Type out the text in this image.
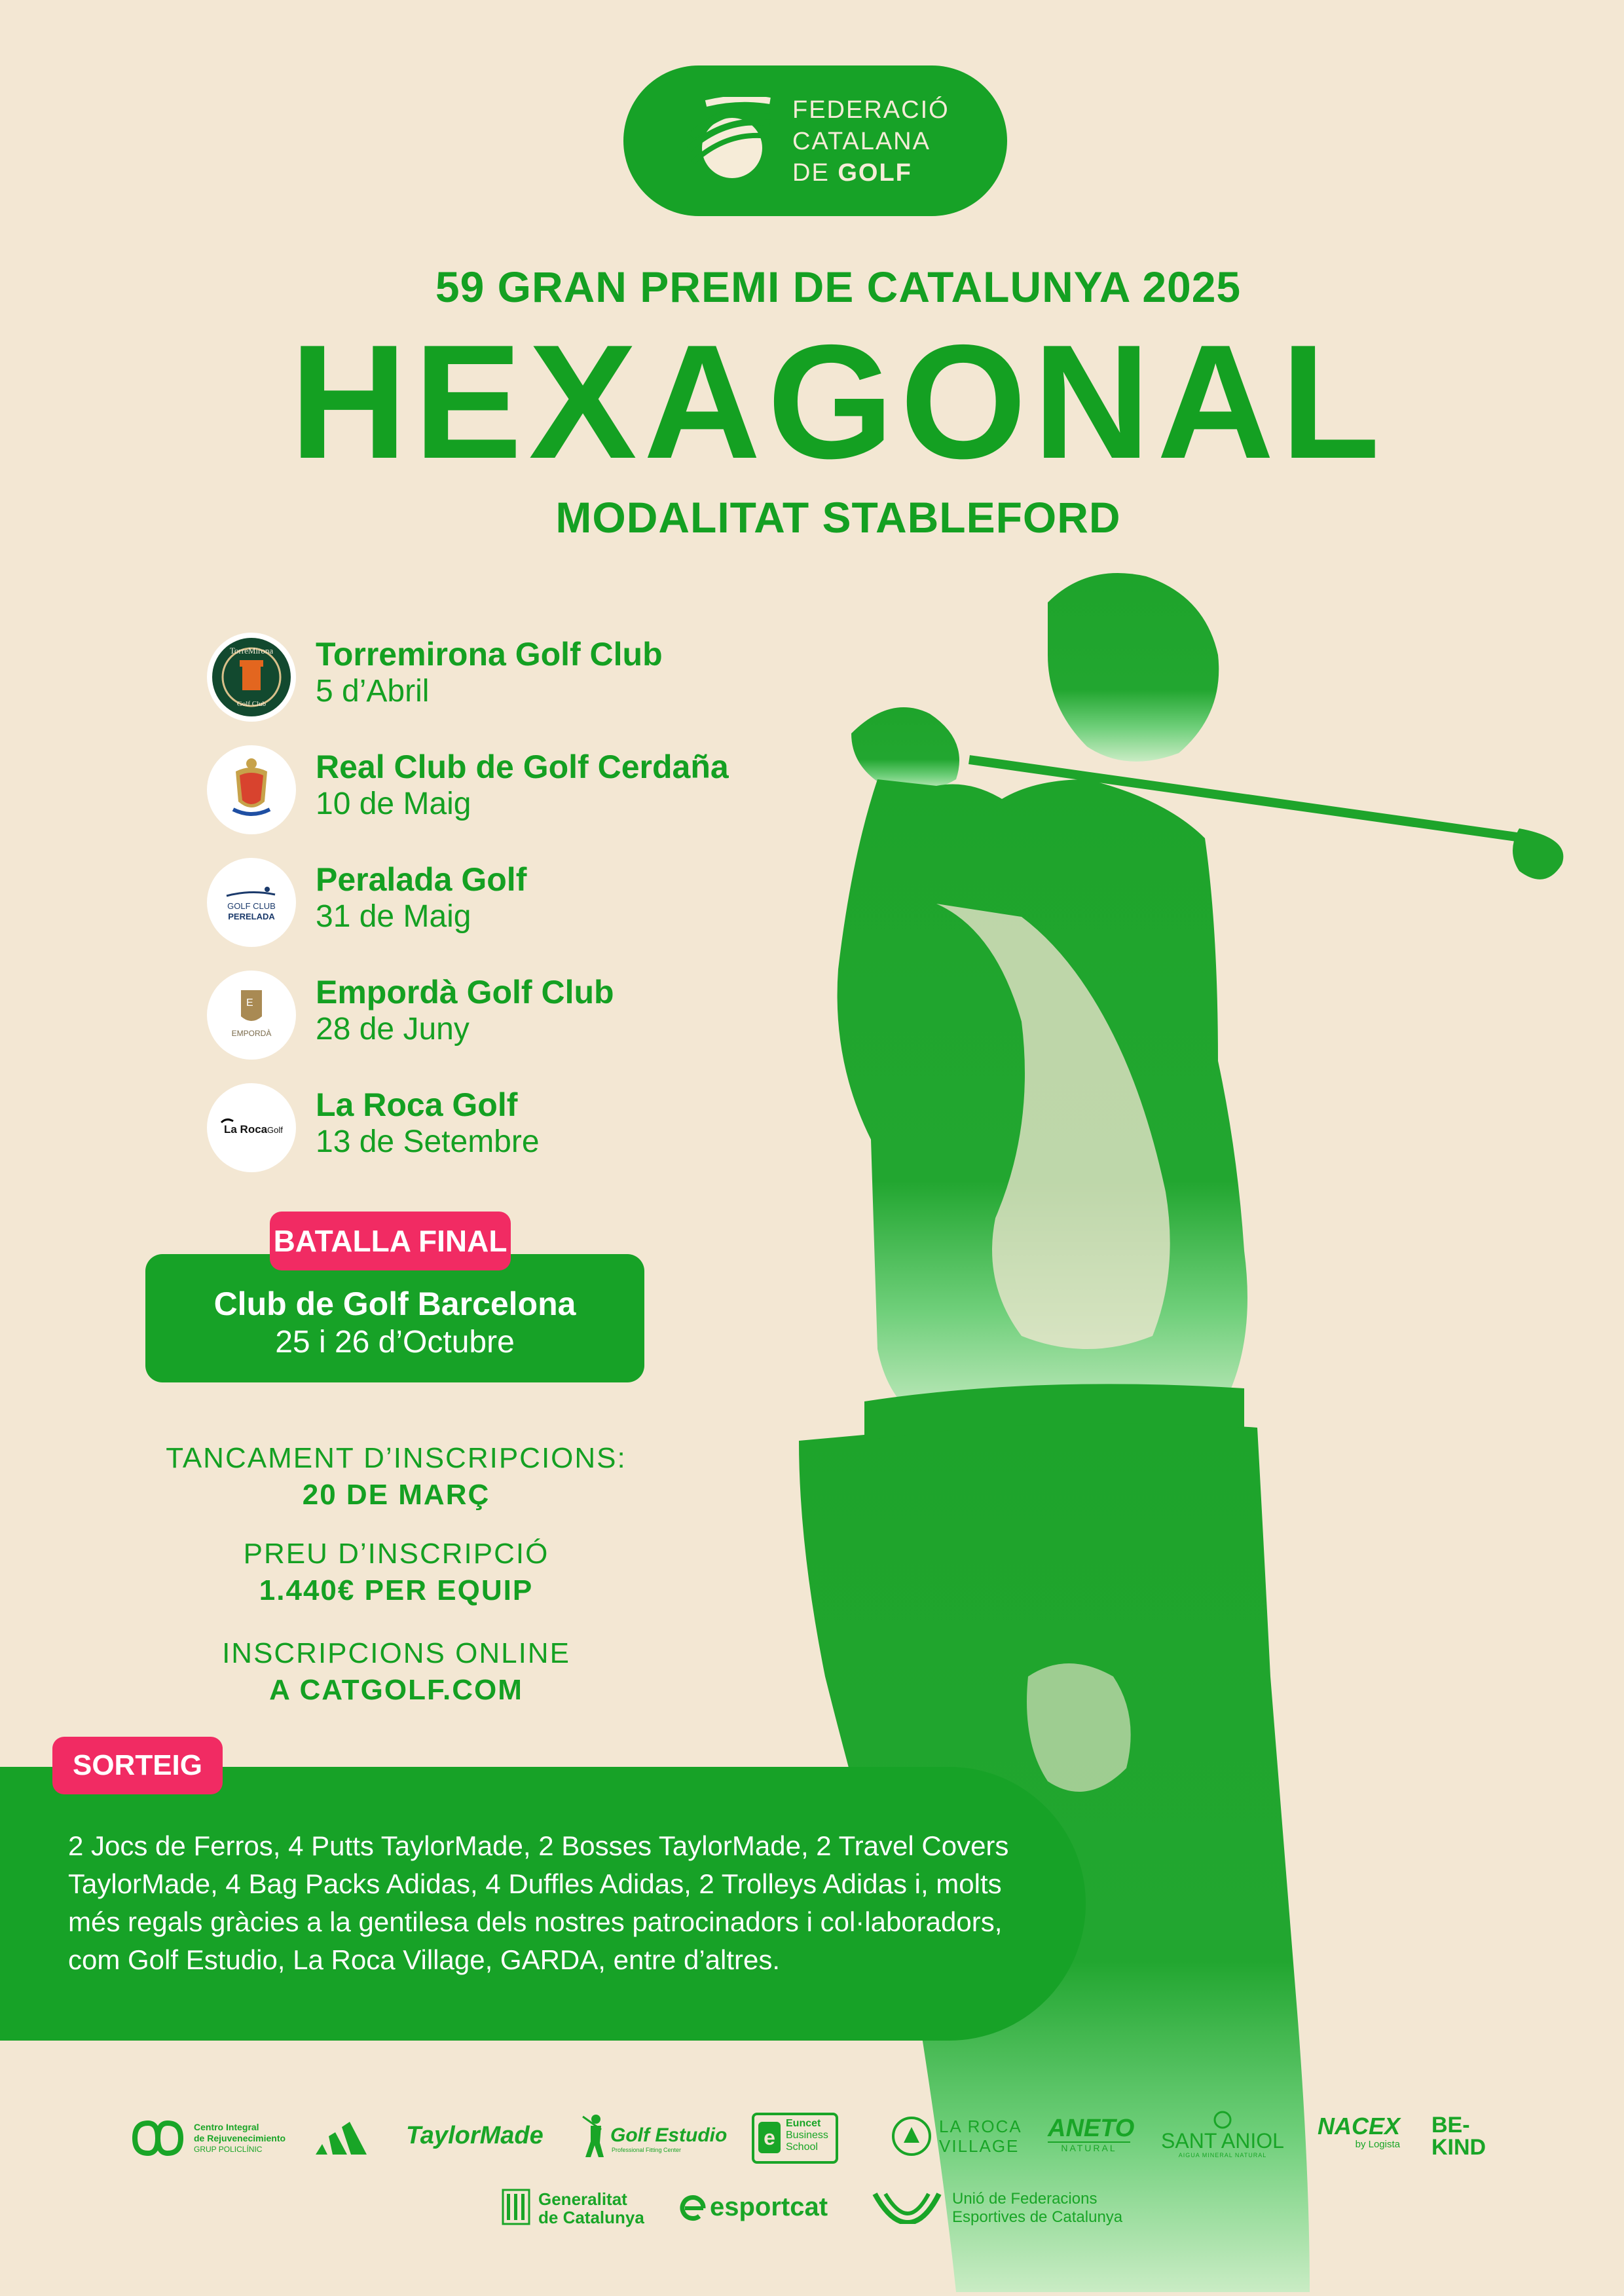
FEDERACIÓ
CATALANA
DE GOLF
59 GRAN PREMI DE CATALUNYA 2025
HEXAGONAL
MODALITAT STABLEFORD
TorreMirona
Golf Club
Torremirona Golf Club
5 d’Abril
Real Club de Golf Cerdaña
10 de Maig
GOLF CLUB
PERELADA
Peralada Golf
31 de Maig
E
EMPORDÀ
Empordà Golf Club
28 de Juny
La Roca Golf
La Roca Golf
13 de Setembre
BATALLA FINAL
Club de Golf Barcelona
25 i 26 d’Octubre
TANCAMENT D’INSCRIPCIONS:
20 DE MARÇ
PREU D’INSCRIPCIÓ
1.440€ PER EQUIP
INSCRIPCIONS ONLINE
A CATGOLF.COM
SORTEIG
2 Jocs de Ferros, 4 Putts TaylorMade, 2 Bosses TaylorMade, 2 Travel Covers TaylorMade, 4 Bag Packs Adidas, 4 Duffles Adidas, 2 Trolleys Adidas i, molts més regals gràcies a la gentilesa dels nostres patrocinadors i col·laboradors, com Golf Estudio, La Roca Village, GARDA, entre d’altres.
Centro Integral
de Rejuvenecimiento
GRUP POLICLÍNIC	TaylorMade	Golf Estudio
Professional Fitting Center
e
Euncet
Business
School
LA ROCA
VILLAGE
ANETO
NATURAL	SANT ANIOL
AIGUA MINERAL NATURAL
NACEX
by Logista
BE-
KIND
Generalitat
de Catalunya	esportcat	Unió de Federacions
Esportives de Catalunya
